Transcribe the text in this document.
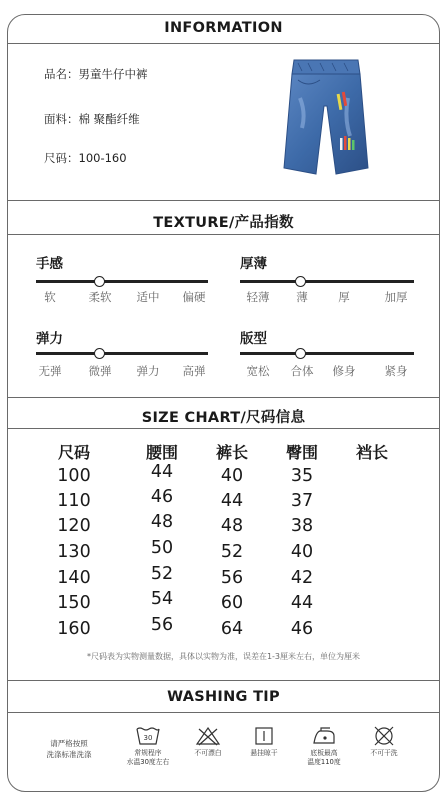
INFORMATION
品名：男童牛仔中裤
面料：棉 聚酯纤维
尺码：100-160
TEXTURE/产品指数
手感
软	柔软	适中	偏硬
厚薄
轻薄	薄	厚	加厚
弹力
无弹	微弹	弹力	高弹
版型
宽松	合体	修身	紧身
SIZE CHART/尺码信息
尺码	腰围	裤长	臀围	裆长
100	44	40	35
110	46	44	37
120	48	48	38
130	50	52	40
140	52	56	42
150	54	60	44
160	56	64	46
*尺码表为实物测量数据，具体以实物为准，误差在1-3厘米左右，单位为厘米
WASHING TIP
请严格按照
洗涤标准洗涤
30
常规程序
水温30度左右
不可漂白	悬挂晾干	底板最高
温度110度
不可干洗
